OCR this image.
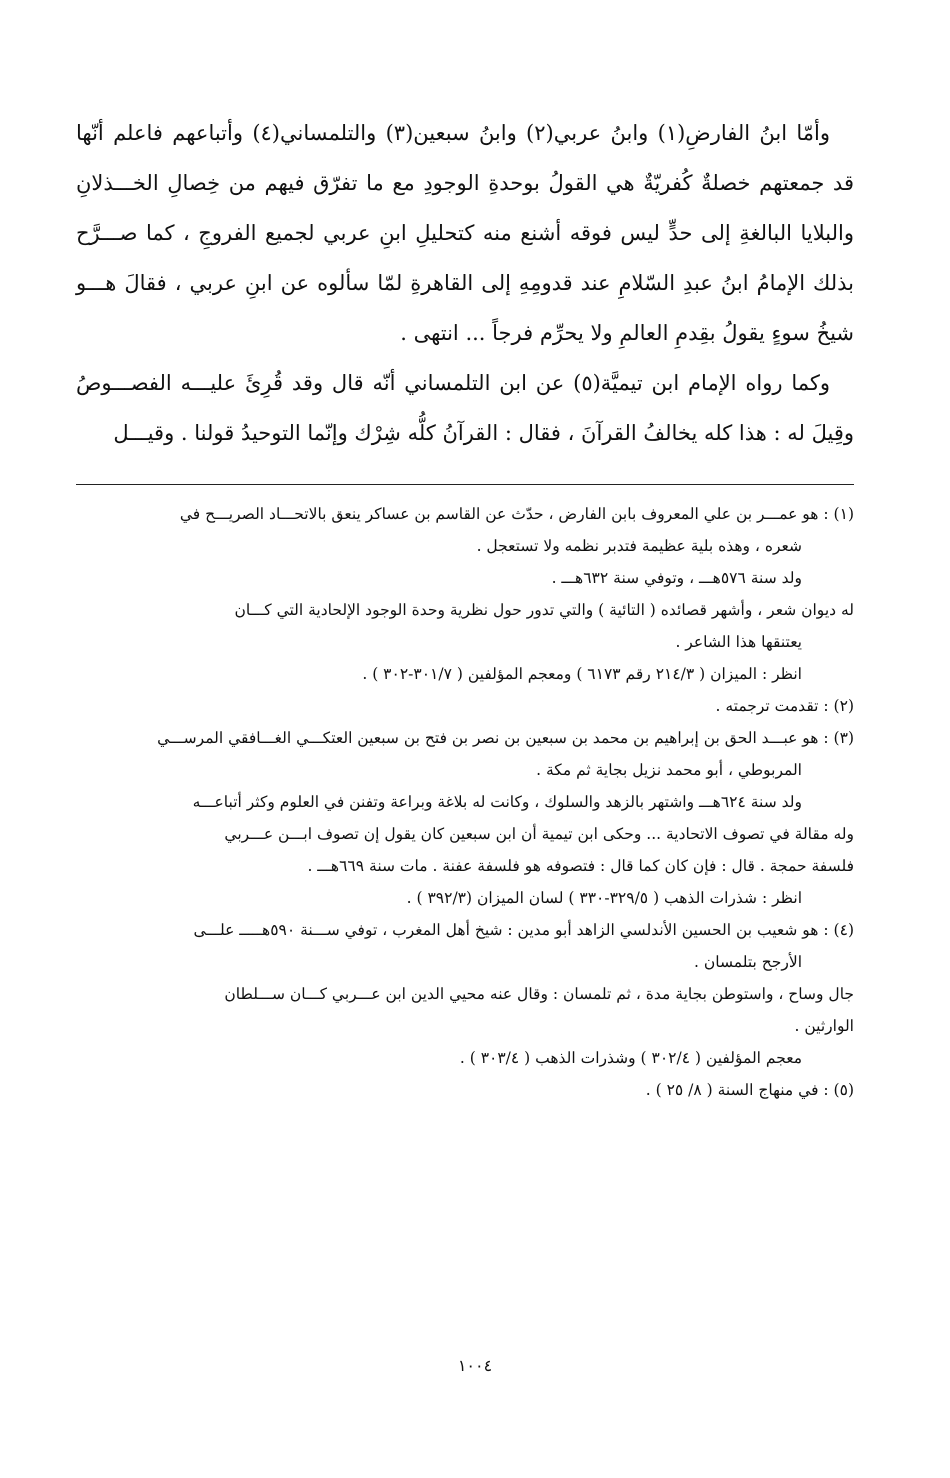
وأمّا ابنُ الفارضِ(١) وابنُ عربي(٢) وابنُ سبعين(٣) والتلمساني(٤) وأتباعهم فاعلم أنّها قد جمعتهم خصلةٌ كُفريّةٌ هي القولُ بوحدةِ الوجودِ مع ما تفرّق فيهم من خِصالِ الخـــذلانِ والبلايا البالغةِ إلى حدٍّ ليس فوقه أشنع منه كتحليلِ ابنِ عربي لجميع الفروجِ ، كما صـــرَّح بذلك الإمامُ ابنُ عبدِ السّلامِ عند قدومِهِ إلى القاهرةِ لمّا سألوه عن ابنِ عربي ، فقالَ هـــو شيخُ سوءٍ يقولُ بقِدمِ العالمِ ولا يحرِّم فرجاً ... انتهى .

وكما رواه الإمام ابن تيميَّة(٥) عن ابن التلمساني أنّه قال وقد قُرِئَ عليـــه الفصـــوصُ وقِيلَ له : هذا كله يخالفُ القرآنَ ، فقال : القرآنُ كلُّه شِرْك وإنّما التوحيدُ قولنا . وقيـــل

(١) : هو عمـــر بن علي المعروف بابن الفارض ، حدّث عن القاسم بن عساكر ينعق بالاتحـــاد الصريـــح في

شعره ، وهذه بلية عظيمة فتدبر نظمه ولا تستعجل .

ولد سنة ٥٧٦هـــ ، وتوفي سنة ٦٣٢هـــ .

له ديوان شعر ، وأشهر قصائده ( التائية ) والتي تدور حول نظرية وحدة الوجود الإلحادية التي كـــان

يعتنقها هذا الشاعر .

انظر : الميزان ( ٢١٤/٣ رقم ٦١٧٣ ) ومعجم المؤلفين ( ٣٠١/٧-٣٠٢ ) .

(٢) : تقدمت ترجمته .

(٣) : هو عبـــد الحق بن إبراهيم بن محمد بن سبعين بن نصر بن فتح بن سبعين العتكـــي الغـــافقي المرســـي

المربوطي ، أبو محمد نزيل بجاية ثم مكة .

ولد سنة ٦٢٤هـــ واشتهر بالزهد والسلوك ، وكانت له بلاغة وبراعة وتفنن في العلوم وكثر أتباعـــه

وله مقالة في تصوف الاتحادية ... وحكى ابن تيمية أن ابن سبعين كان يقول إن تصوف ابـــن عـــربي

فلسفة حمجة . قال : فإن كان كما قال : فتصوفه هو فلسفة عفنة . مات سنة ٦٦٩هـــ .

انظر : شذرات الذهب ( ٣٢٩/٥-٣٣٠ ) لسان الميزان (٣٩٢/٣ ) .

(٤) : هو شعيب بن الحسين الأندلسي الزاهد أبو مدين : شيخ أهل المغرب ، توفي ســـنة ٥٩٠هـــــ علـــى

الأرجح بتلمسان .

جال وساح ، واستوطن بجاية مدة ، ثم تلمسان : وقال عنه محيي الدين ابن عـــربي كـــان ســـلطان

الوارثين .

معجم المؤلفين ( ٣٠٢/٤ ) وشذرات الذهب ( ٣٠٣/٤ ) .

(٥) : في منهاج السنة ( ٨/ ٢٥ ) .

١٠٠٤
